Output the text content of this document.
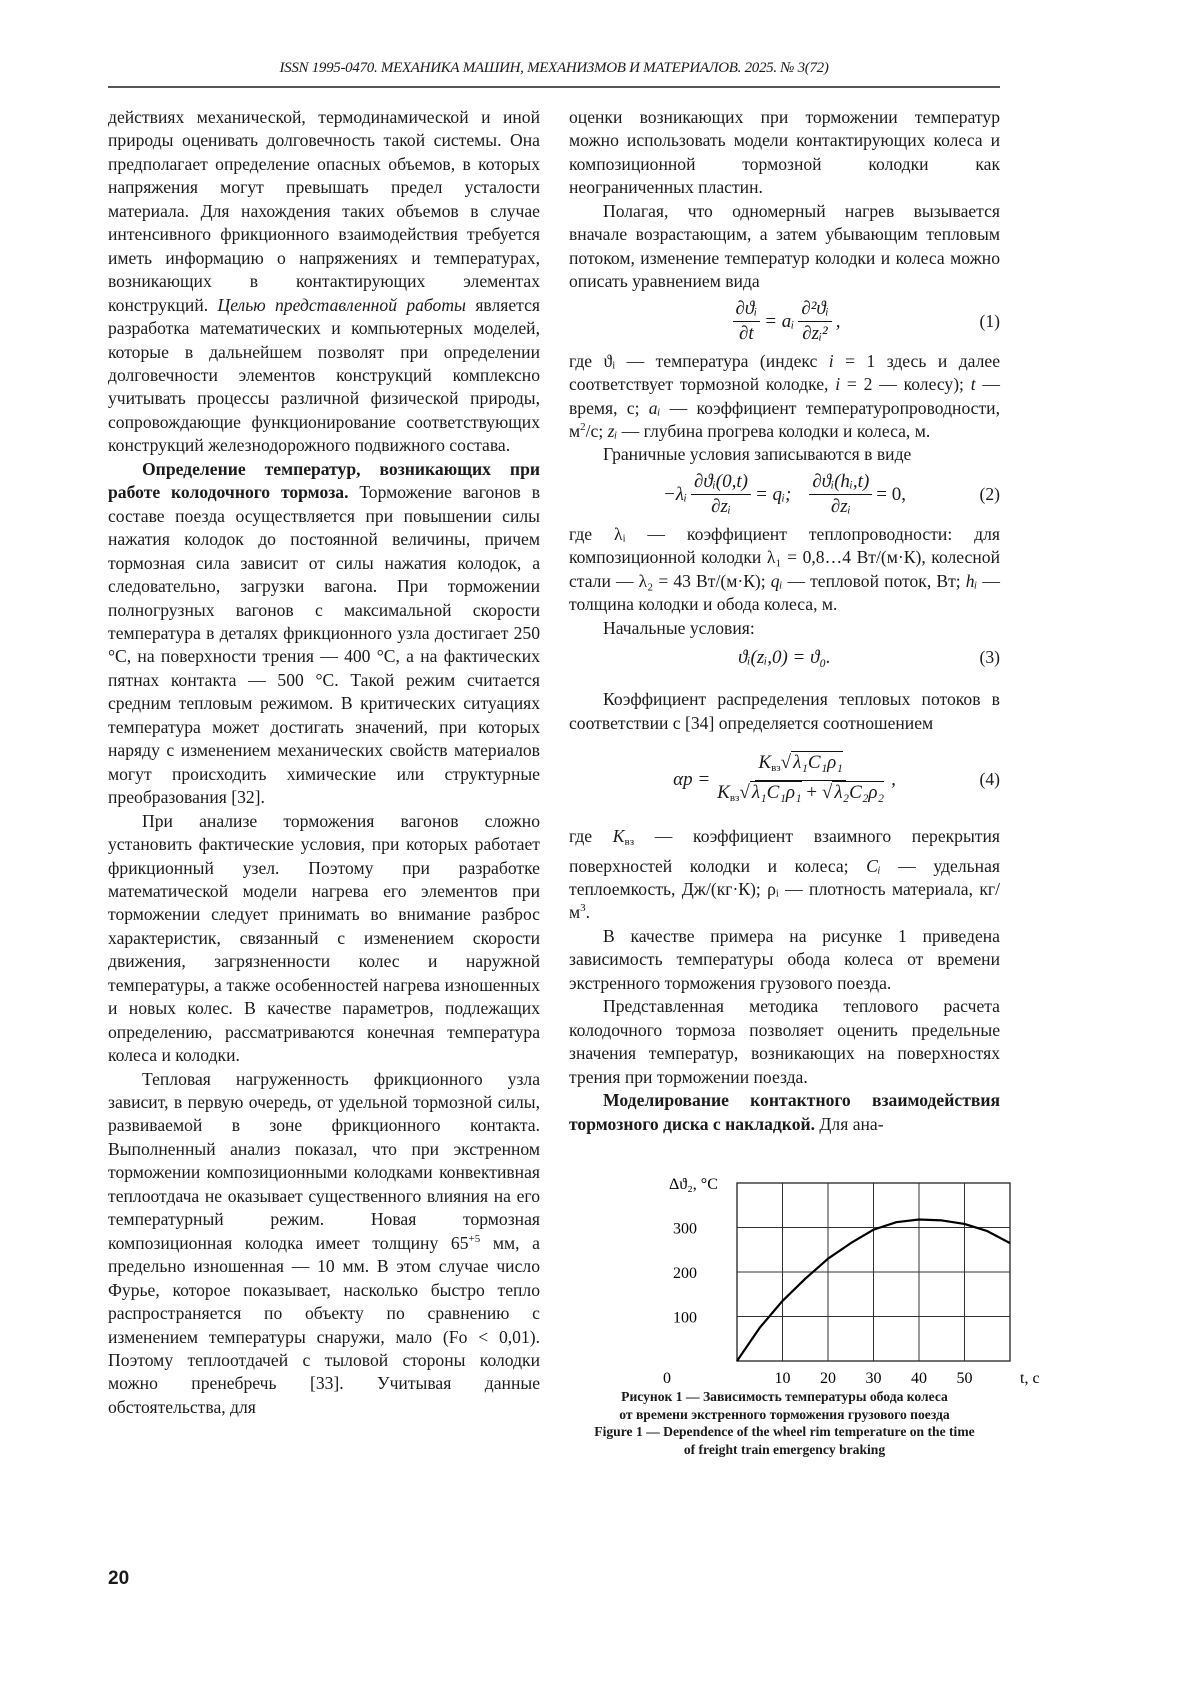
ISSN 1995-0470. МЕХАНИКА МАШИН, МЕХАНИЗМОВ И МАТЕРИАЛОВ. 2025. № 3(72)

действиях механической, термодинамической и иной природы оценивать долговечность такой системы. Она предполагает определение опасных объемов, в которых напряжения могут превышать предел усталости материала. Для нахождения таких объемов в случае интенсивного фрикционного взаимодействия требуется иметь информацию о напряжениях и температурах, возникающих в контактирующих элементах конструкций. Целью представленной работы является разработка математических и компьютерных моделей, которые в дальнейшем позволят при определении долговечности элементов конструкций комплексно учитывать процессы различной физической природы, сопровождающие функционирование соответствующих конструкций железнодорожного подвижного состава.

Определение температур, возникающих при работе колодочного тормоза. Торможение вагонов в составе поезда осуществляется при повышении силы нажатия колодок до постоянной величины, причем тормозная сила зависит от силы нажатия колодок, а следовательно, загрузки вагона. При торможении полногрузных вагонов с максимальной скорости температура в деталях фрикционного узла достигает 250 °С, на поверхности трения — 400 °С, а на фактических пятнах контакта — 500 °С. Такой режим считается средним тепловым режимом. В критических ситуациях температура может достигать значений, при которых наряду с изменением механических свойств материалов могут происходить химические или структурные преобразования [32].

При анализе торможения вагонов сложно установить фактические условия, при которых работает фрикционный узел. Поэтому при разработке математической модели нагрева его элементов при торможении следует принимать во внимание разброс характеристик, связанный с изменением скорости движения, загрязненности колес и наружной температуры, а также особенностей нагрева изношенных и новых колес. В качестве параметров, подлежащих определению, рассматриваются конечная температура колеса и колодки.

Тепловая нагруженность фрикционного узла зависит, в первую очередь, от удельной тормозной силы, развиваемой в зоне фрикционного контакта. Выполненный анализ показал, что при экстренном торможении композиционными колодками конвективная теплоотдача не оказывает существенного влияния на его температурный режим. Новая тормозная композиционная колодка имеет толщину 65+5 мм, а предельно изношенная — 10 мм. В этом случае число Фурье, которое показывает, насколько быстро тепло распространяется по объекту по сравнению с изменением температуры снаружи, мало (Fo < 0,01). Поэтому теплоотдачей с тыловой стороны колодки можно пренебречь [33]. Учитывая данные обстоятельства, для

оценки возникающих при торможении температур можно использовать модели контактирующих колеса и композиционной тормозной колодки как неограниченных пластин.

Полагая, что одномерный нагрев вызывается вначале возрастающим, а затем убывающим тепловым потоком, изменение температур колодки и колеса можно описать уравнением вида

∂ϑᵢ
∂t
= aᵢ
∂²ϑᵢ
∂zᵢ²
,	(1)

где ϑᵢ — температура (индекс i = 1 здесь и далее соответствует тормозной колодке, i = 2 — колесу); t — время, с; aᵢ — коэффициент температуропроводности, м2/с; zᵢ — глубина прогрева колодки и колеса, м.

Граничные условия записываются в виде

−λᵢ
∂ϑᵢ(0,t)
∂zᵢ
= qᵢ;
∂ϑᵢ(hᵢ,t)
∂zᵢ
= 0,	(2)

где λᵢ — коэффициент теплопроводности: для композиционной колодки λ₁ = 0,8…4 Вт/(м·К), колесной стали — λ₂ = 43 Вт/(м·К); qᵢ — тепловой поток, Вт; hᵢ — толщина колодки и обода колеса, м.

Начальные условия:

ϑᵢ(zᵢ,0) = ϑ₀.	(3)

Коэффициент распределения тепловых потоков в соответствии с [34] определяется соотношением

αр =
Kвз√ λ₁C₁ρ₁
Kвз√ λ₁C₁ρ₁ + √ λ₂C₂ρ₂
,	(4)

где Kвз — коэффициент взаимного перекрытия поверхностей колодки и колеса; Cᵢ — удельная теплоемкость, Дж/(кг·К); ρᵢ — плотность материала, кг/м3.

В качестве примера на рисунке 1 приведена зависимость температуры обода колеса от времени экстренного торможения грузового поезда.

Представленная методика теплового расчета колодочного тормоза позволяет оценить предельные значения температур, возникающих на поверхностях трения при торможении поезда.

Моделирование контактного взаимодействия тормозного диска с накладкой. Для ана-

0	10 20 30 40 50
100
200
300
t, с
Δϑ₂, °С
Рисунок 1 — Зависимость температуры обода колеса
от времени экстренного торможения грузового поезда
Figure 1 — Dependence of the wheel rim temperature on the time
of freight train emergency braking
20
